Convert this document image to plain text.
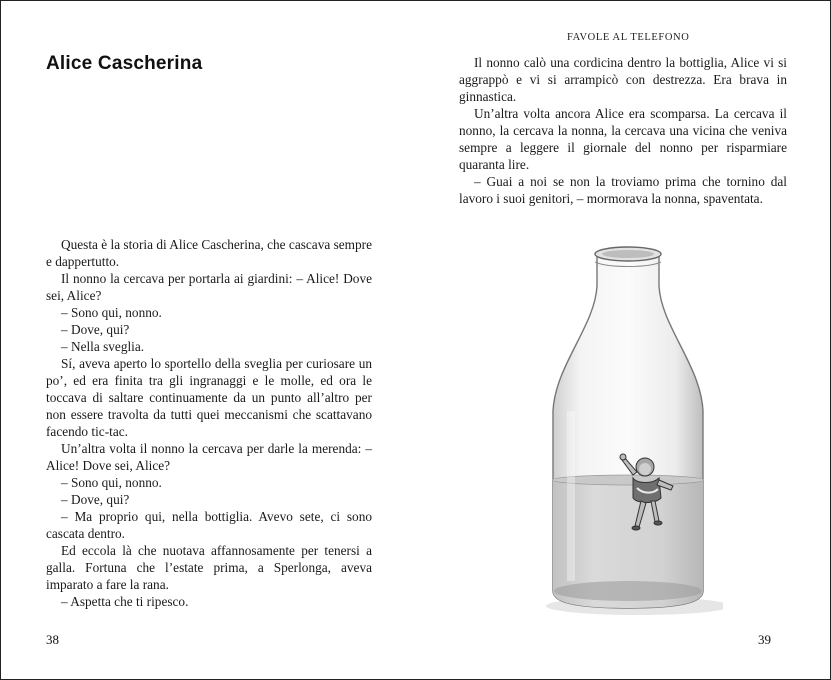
Alice Cascherina

Questa è la storia di Alice Cascherina, che cascava sempre e dappertutto.

Il nonno la cercava per portarla ai giardini: – Alice! Dove sei, Alice?

– Sono qui, nonno.

– Dove, qui?

– Nella sveglia.

Sí, aveva aperto lo sportello della sveglia per curiosare un po’, ed era finita tra gli ingranaggi e le molle, ed ora le toccava di saltare continuamente da un punto all’altro per non essere travolta da tutti quei meccanismi che scattavano facendo tic-tac.

Un’altra volta il nonno la cercava per darle la merenda: – Alice! Dove sei, Alice?

– Sono qui, nonno.

– Dove, qui?

– Ma proprio qui, nella bottiglia. Avevo sete, ci sono cascata dentro.

Ed eccola là che nuotava affannosamente per tenersi a galla. Fortuna che l’estate prima, a Sperlonga, aveva imparato a fare la rana.

– Aspetta che ti ripesco.

38
FAVOLE AL TELEFONO

Il nonno calò una cordicina dentro la bottiglia, Alice vi si aggrappò e vi si arrampicò con destrezza. Era brava in ginnastica.

Un’altra volta ancora Alice era scomparsa. La cercava il nonno, la cercava la nonna, la cercava una vicina che veniva sempre a leggere il giornale del nonno per risparmiare quaranta lire.

– Guai a noi se non la troviamo prima che tornino dal lavoro i suoi genitori, – mormorava la nonna, spaventata.

39
